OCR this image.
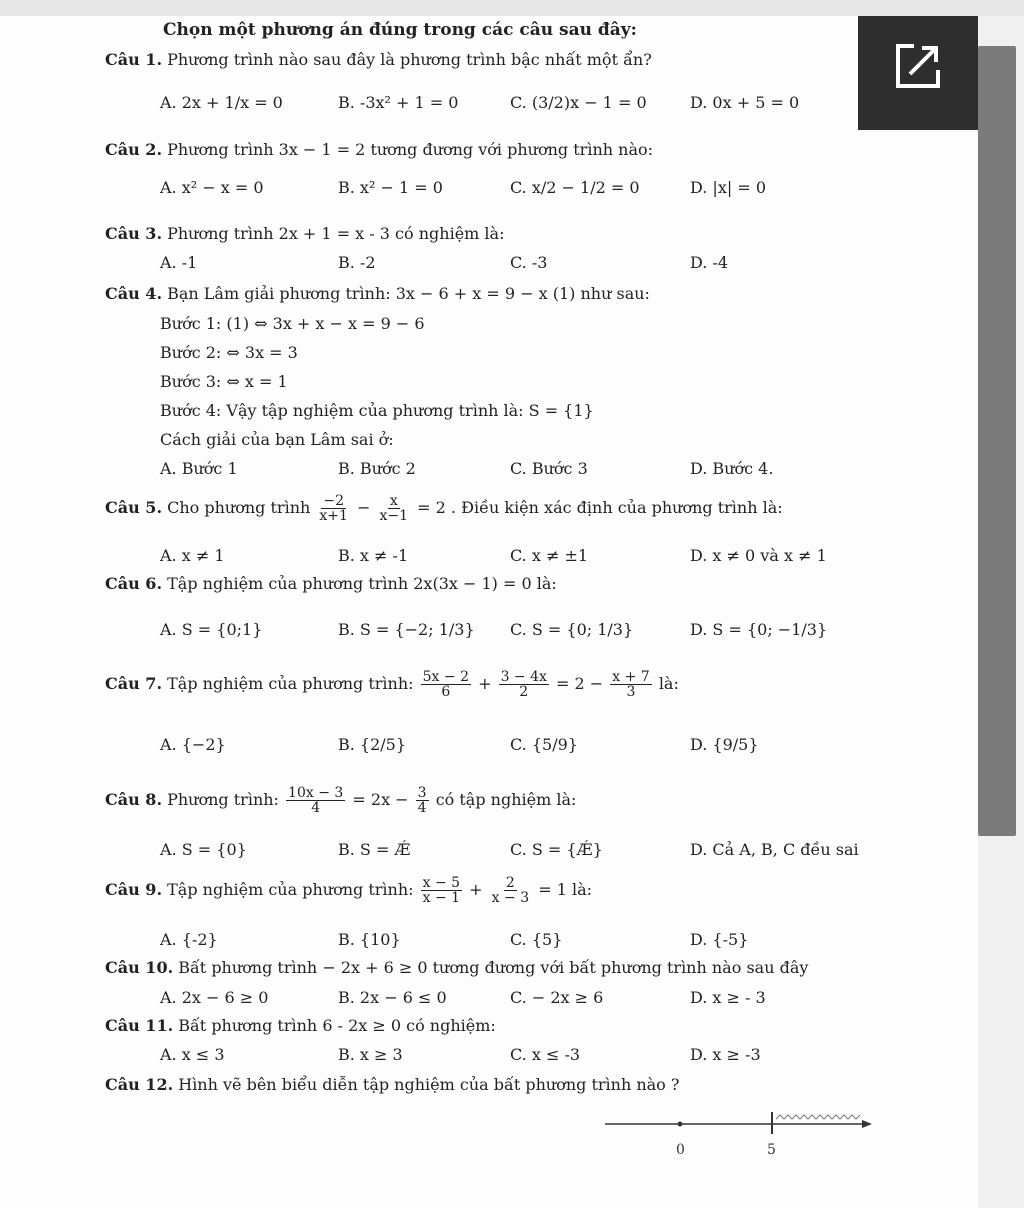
Chọn một phương án đúng trong các câu sau đây:
Câu 1. Phương trình nào sau đây là phương trình bậc nhất một ẩn?
A. 2x + 1/x = 0	B. -3x² + 1 = 0	C. (3/2)x − 1 = 0	D. 0x + 5 = 0
Câu 2. Phương trình 3x − 1 = 2 tương đương với phương trình nào:
A. x² − x = 0	B. x² − 1 = 0	C. x/2 − 1/2 = 0	D. |x| = 0
Câu 3. Phương trình 2x + 1 = x - 3 có nghiệm là:
A. -1	B. -2	C. -3	D. -4
Câu 4. Bạn Lâm giải phương trình: 3x − 6 + x = 9 − x (1) như sau:
Bước 1: (1) ⇔ 3x + x − x = 9 − 6
Bước 2: ⇔ 3x = 3
Bước 3: ⇔ x = 1
Bước 4: Vậy tập nghiệm của phương trình là: S = {1}
Cách giải của bạn Lâm sai ở:
A. Bước 1	B. Bước 2	C. Bước 3	D. Bước 4.
Câu 5. Cho phương trình $\frac{-2}{x+1} - \frac{x}{x-1} = 2$ . Điều kiện xác định của phương trình là:
A. x ≠ 1	B. x ≠ -1	C. x ≠ ±1	D. x ≠ 0 và x ≠ 1
Câu 6. Tập nghiệm của phương trình 2x(3x − 1) = 0 là:
A. S = {0;1}	B. S = {−2; 1/3} C. S = {0; 1/3}	D. S = {0; −1/3}
Câu 7. Tập nghiệm của phương trình: $\frac{5x - 2}{6} + \frac{3 - 4x}{2} = 2 - \frac{x + 7}{3}$ là:
A. {−2}	B. {2/5}	C. {5/9}	D. {9/5}
Câu 8. Phương trình: $\frac{10x - 3}{4} = 2x - \frac{3}{4}$ có tập nghiệm là:
A. S = {0}	B. S = Ǽ	C. S = {Ǽ}	D. Cả A, B, C đều sai
Câu 9. Tập nghiệm của phương trình: $\frac{x - 5}{x - 1} + \frac{2}{x - 3} = 1$ là:
A. {-2}	B. {10}	C. {5}	D. {-5}
Câu 10. Bất phương trình − 2x + 6 ≥ 0 tương đương với bất phương trình nào sau đây
A. 2x − 6 ≥ 0	B. 2x − 6 ≤ 0	C. − 2x ≥ 6	D. x ≥ - 3
Câu 11. Bất phương trình 6 - 2x ≥ 0 có nghiệm:
A. x ≤ 3	B. x ≥ 3	C. x ≤ -3	D. x ≥ -3
Câu 12. Hình vẽ bên biểu diễn tập nghiệm của bất phương trình nào ?
0	5
